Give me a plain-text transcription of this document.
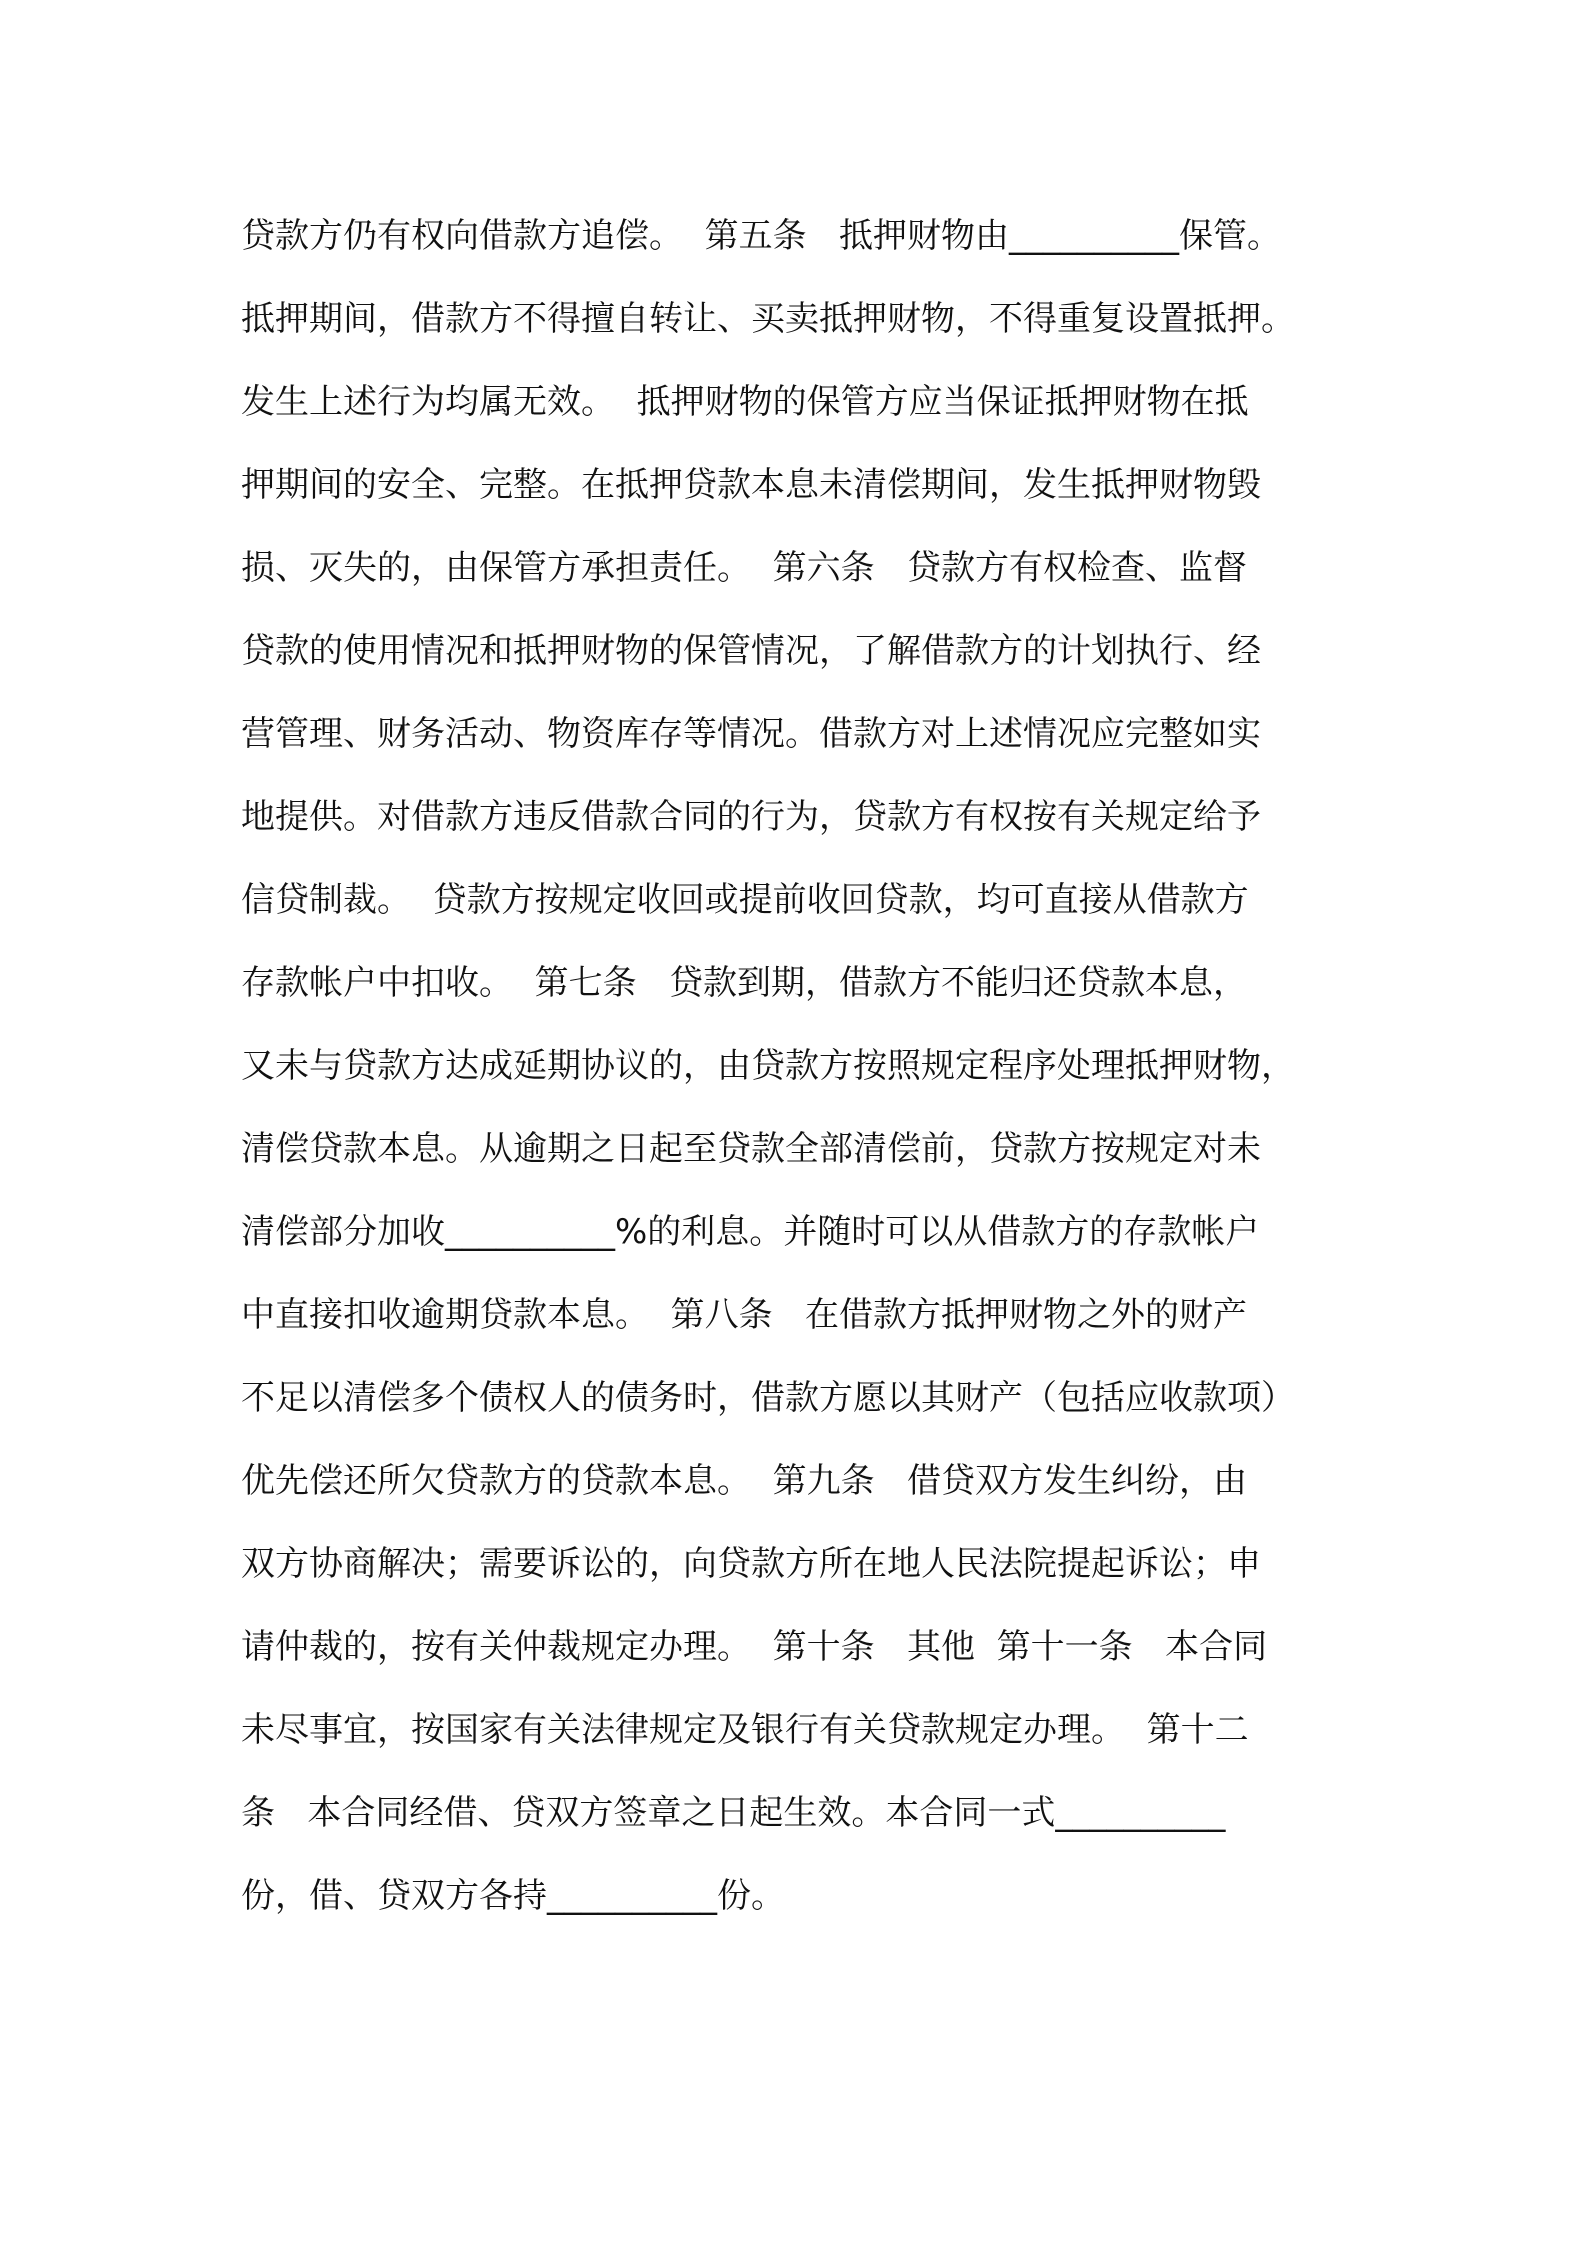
贷款方仍有权向借款方追偿。  第五条   抵押财物由__________保管。
抵押期间，借款方不得擅自转让、买卖抵押财物，不得重复设置抵押。
发生上述行为均属无效。  抵押财物的保管方应当保证抵押财物在抵
押期间的安全、完整。在抵押贷款本息未清偿期间，发生抵押财物毁
损、灭失的，由保管方承担责任。  第六条   贷款方有权检查、监督
贷款的使用情况和抵押财物的保管情况，了解借款方的计划执行、经
营管理、财务活动、物资库存等情况。借款方对上述情况应完整如实
地提供。对借款方违反借款合同的行为，贷款方有权按有关规定给予
信贷制裁。  贷款方按规定收回或提前收回贷款，均可直接从借款方
存款帐户中扣收。  第七条   贷款到期，借款方不能归还贷款本息，
又未与贷款方达成延期协议的，由贷款方按照规定程序处理抵押财物，
清偿贷款本息。从逾期之日起至贷款全部清偿前，贷款方按规定对未
清偿部分加收__________%的利息。并随时可以从借款方的存款帐户
中直接扣收逾期贷款本息。  第八条   在借款方抵押财物之外的财产
不足以清偿多个债权人的债务时，借款方愿以其财产（包括应收款项）
优先偿还所欠贷款方的贷款本息。  第九条   借贷双方发生纠纷，由
双方协商解决；需要诉讼的，向贷款方所在地人民法院提起诉讼；申
请仲裁的，按有关仲裁规定办理。  第十条   其他  第十一条   本合同
未尽事宜，按国家有关法律规定及银行有关贷款规定办理。  第十二
条   本合同经借、贷双方签章之日起生效。本合同一式__________
份，借、贷双方各持__________份。
